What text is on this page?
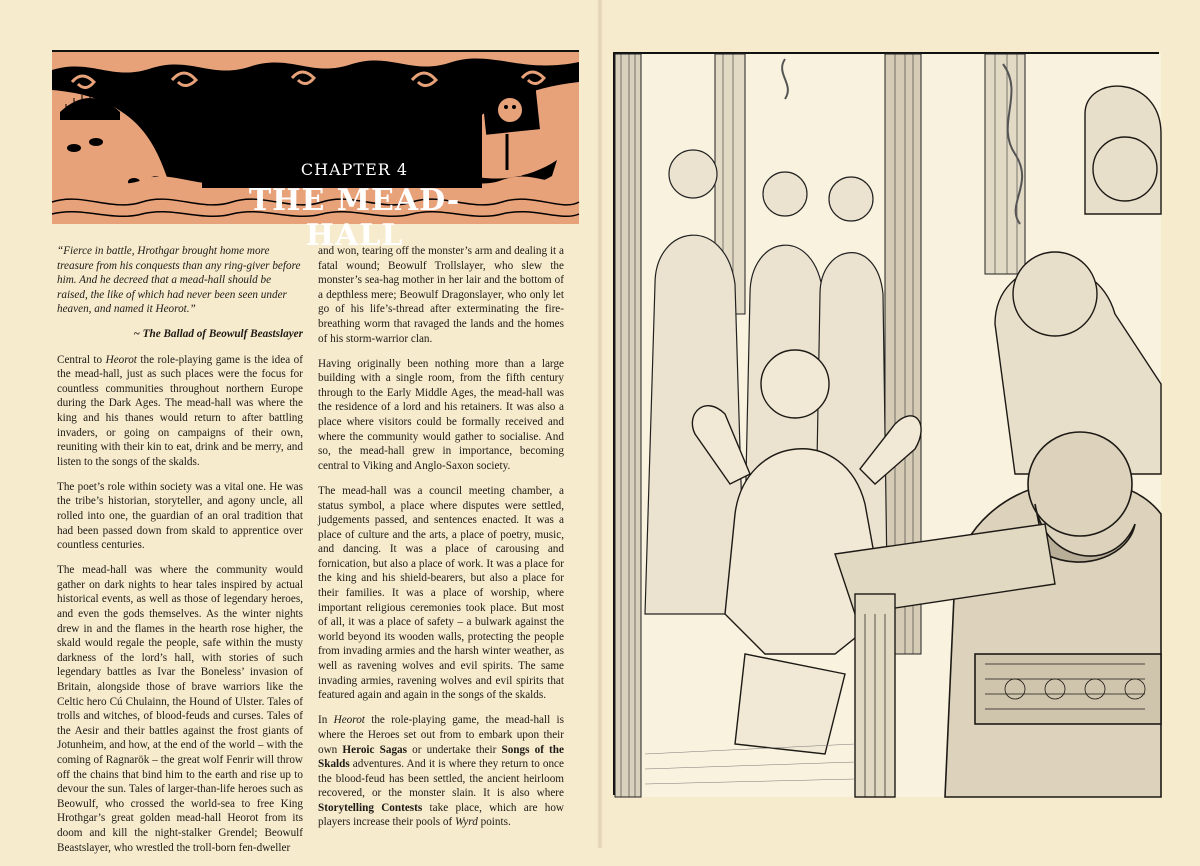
CHAPTER 4
THE MEAD-HALL

“Fierce in battle, Hrothgar brought home more treasure from his conquests than any ring-giver before him. And he decreed that a mead-hall should be raised, the like of which had never been seen under heaven, and named it Heorot.”

~ The Ballad of Beowulf Beastslayer

Central to Heorot the role-playing game is the idea of the mead-hall, just as such places were the focus for countless communities throughout northern Europe during the Dark Ages. The mead-hall was where the king and his thanes would return to after battling invaders, or going on campaigns of their own, reuniting with their kin to eat, drink and be merry, and listen to the songs of the skalds.

The poet’s role within society was a vital one. He was the tribe’s historian, storyteller, and agony uncle, all rolled into one, the guardian of an oral tradition that had been passed down from skald to apprentice over countless centuries.

The mead-hall was where the community would gather on dark nights to hear tales inspired by actual historical events, as well as those of legendary heroes, and even the gods themselves. As the winter nights drew in and the flames in the hearth rose higher, the skald would regale the people, safe within the musty darkness of the lord’s hall, with stories of such legendary battles as Ivar the Boneless’ invasion of Britain, alongside those of brave warriors like the Celtic hero Cú Chulainn, the Hound of Ulster. Tales of trolls and witches, of blood-feuds and curses. Tales of the Aesir and their battles against the frost giants of Jotunheim, and how, at the end of the world – with the coming of Ragnarök – the great wolf Fenrir will throw off the chains that bind him to the earth and rise up to devour the sun. Tales of larger-than-life heroes such as Beowulf, who crossed the world-sea to free King Hrothgar’s great golden mead-hall Heorot from its doom and kill the night-stalker Grendel; Beowulf Beastslayer, who wrestled the troll-born fen-dweller

and won, tearing off the monster’s arm and dealing it a fatal wound; Beowulf Trollslayer, who slew the monster’s sea-hag mother in her lair and the bottom of a depthless mere; Beowulf Dragonslayer, who only let go of his life’s-thread after exterminating the fire-breathing worm that ravaged the lands and the homes of his storm-warrior clan.

Having originally been nothing more than a large building with a single room, from the fifth century through to the Early Middle Ages, the mead-hall was the residence of a lord and his retainers. It was also a place where visitors could be formally received and where the community would gather to socialise. And so, the mead-hall grew in importance, becoming central to Viking and Anglo-Saxon society.

The mead-hall was a council meeting chamber, a status symbol, a place where disputes were settled, judgements passed, and sentences enacted. It was a place of culture and the arts, a place of poetry, music, and dancing. It was a place of carousing and fornication, but also a place of work. It was a place for the king and his shield-bearers, but also a place for their families. It was a place of worship, where important religious ceremonies took place. But most of all, it was a place of safety – a bulwark against the world beyond its wooden walls, protecting the people from invading armies and the harsh winter weather, as well as ravening wolves and evil spirits. The same invading armies, ravening wolves and evil spirits that featured again and again in the songs of the skalds.

In Heorot the role-playing game, the mead-hall is where the Heroes set out from to embark upon their own Heroic Sagas or undertake their Songs of the Skalds adventures. And it is where they return to once the blood-feud has been settled, the ancient heirloom recovered, or the monster slain. It is also where Storytelling Contests take place, which are how players increase their pools of Wyrd points.
